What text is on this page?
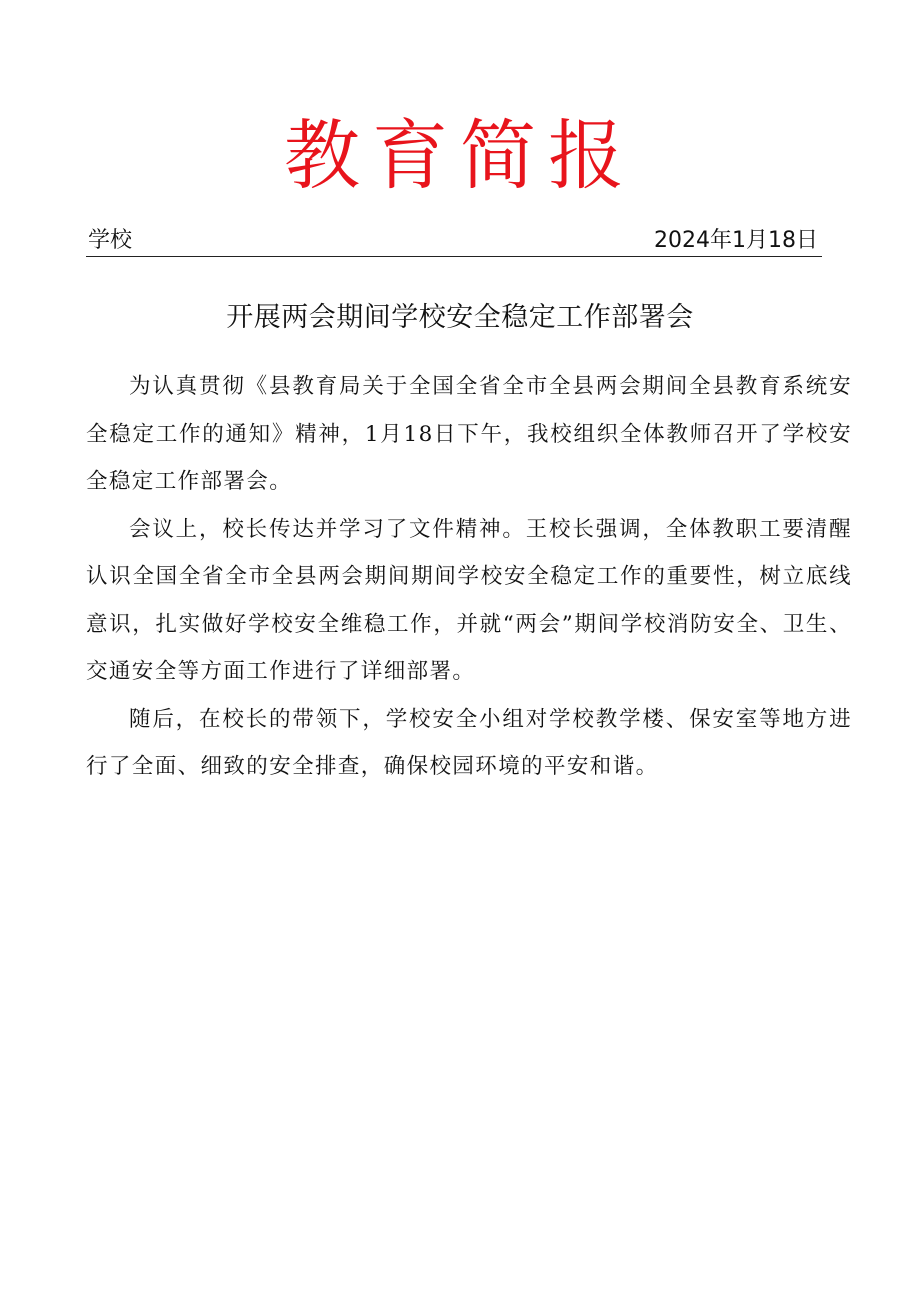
教育简报
学校	2024年1月18日
开展两会期间学校安全稳定工作部署会

为认真贯彻《县教育局关于全国全省全市全县两会期间全县教育系统安全稳定工作的通知》精神，1月18日下午，我校组织全体教师召开了学校安全稳定工作部署会。

会议上，校长传达并学习了文件精神。王校长强调，全体教职工要清醒认识全国全省全市全县两会期间期间学校安全稳定工作的重要性，树立底线意识，扎实做好学校安全维稳工作，并就“两会”期间学校消防安全、卫生、交通安全等方面工作进行了详细部署。

随后，在校长的带领下，学校安全小组对学校教学楼、保安室等地方进行了全面、细致的安全排查，确保校园环境的平安和谐。
